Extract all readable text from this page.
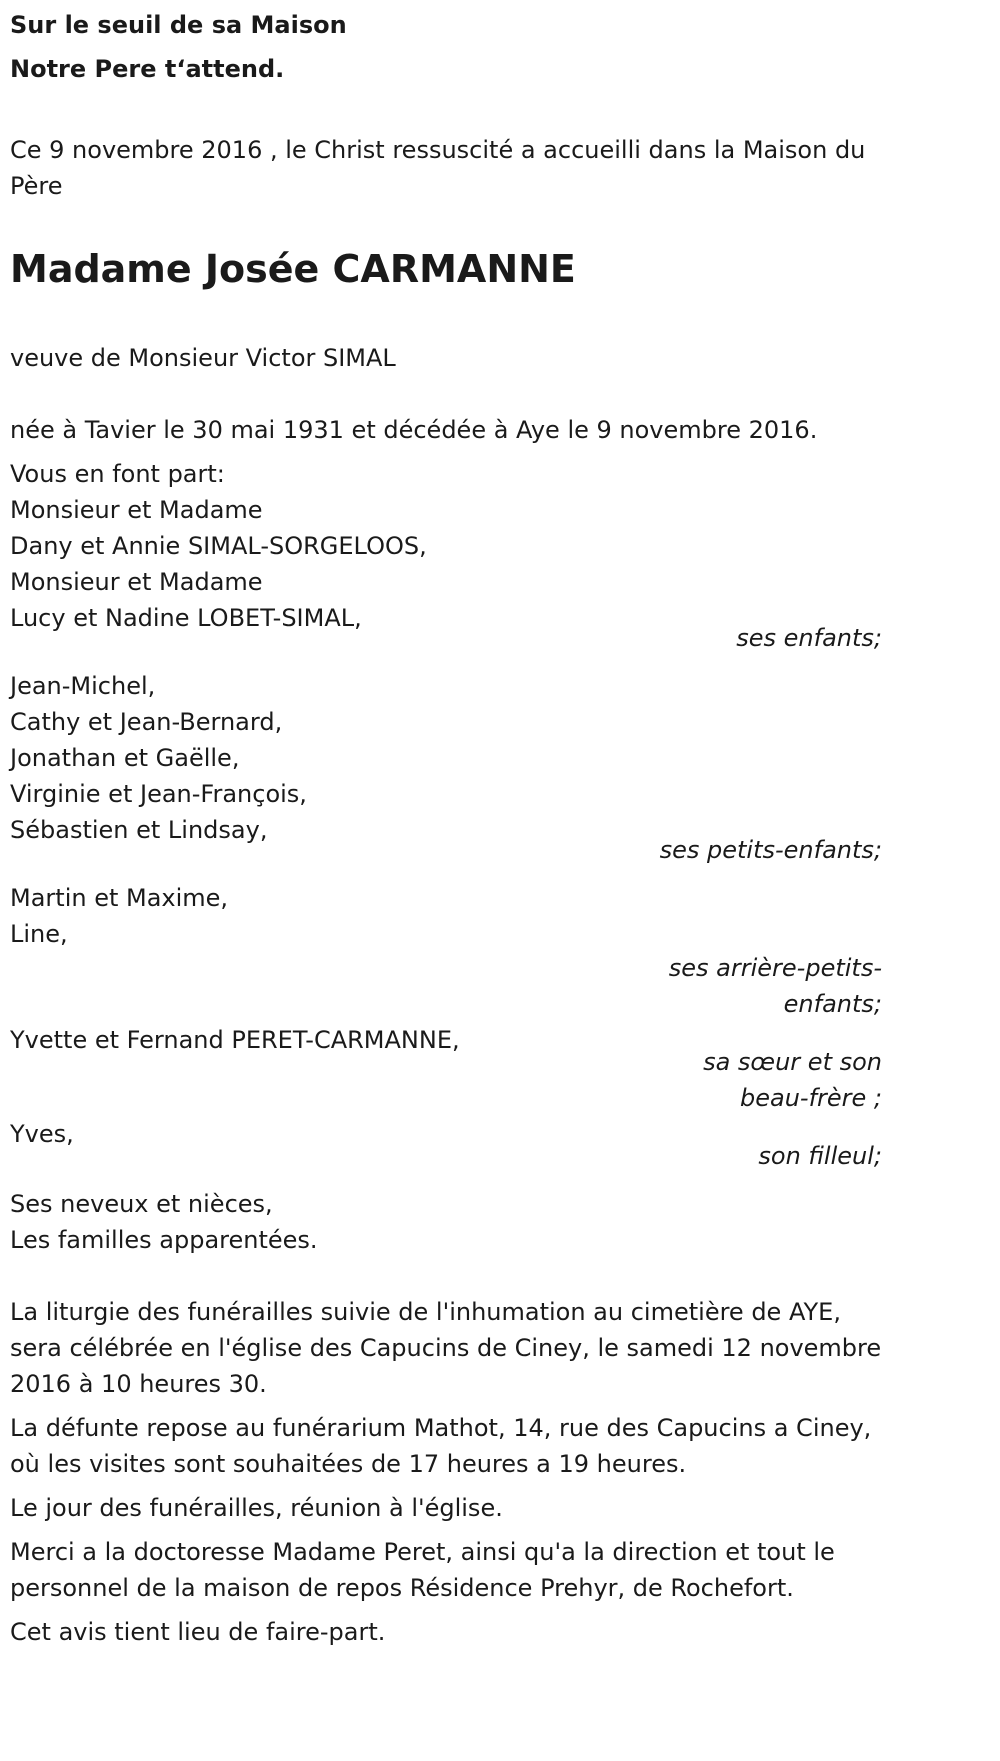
Sur le seuil de sa Maison
Notre Pere t‘attend.

Ce 9 novembre 2016 , le Christ ressuscité a accueilli dans la Maison du Père

Madame Josée CARMANNE

veuve de Monsieur Victor SIMAL

née à Tavier le 30 mai 1931 et décédée à Aye le 9 novembre 2016.

Vous en font part:
Monsieur et Madame
Dany et Annie SIMAL-SORGELOOS,
Monsieur et Madame
Lucy et Nadine LOBET-SIMAL,
ses enfants;
Jean-Michel,
Cathy et Jean-Bernard,
Jonathan et Gaëlle,
Virginie et Jean-François,
Sébastien et Lindsay,
ses petits-enfants;
Martin et Maxime,
Line,
ses arrière-petits-
enfants;
Yvette et Fernand PERET-CARMANNE,
sa sœur et son
beau-frère ;
Yves,
son filleul;
Ses neveux et nièces,
Les familles apparentées.

La liturgie des funérailles suivie de l'inhumation au cimetière de AYE, sera célébrée en l'église des Capucins de Ciney, le samedi 12 novembre 2016 à 10 heures 30.

La défunte repose au funérarium Mathot, 14, rue des Capucins a Ciney, où les visites sont souhaitées de 17 heures a 19 heures.

Le jour des funérailles, réunion à l'église.

Merci a la doctoresse Madame Peret, ainsi qu'a la direction et tout le personnel de la maison de repos Résidence Prehyr, de Rochefort.

Cet avis tient lieu de faire-part.
